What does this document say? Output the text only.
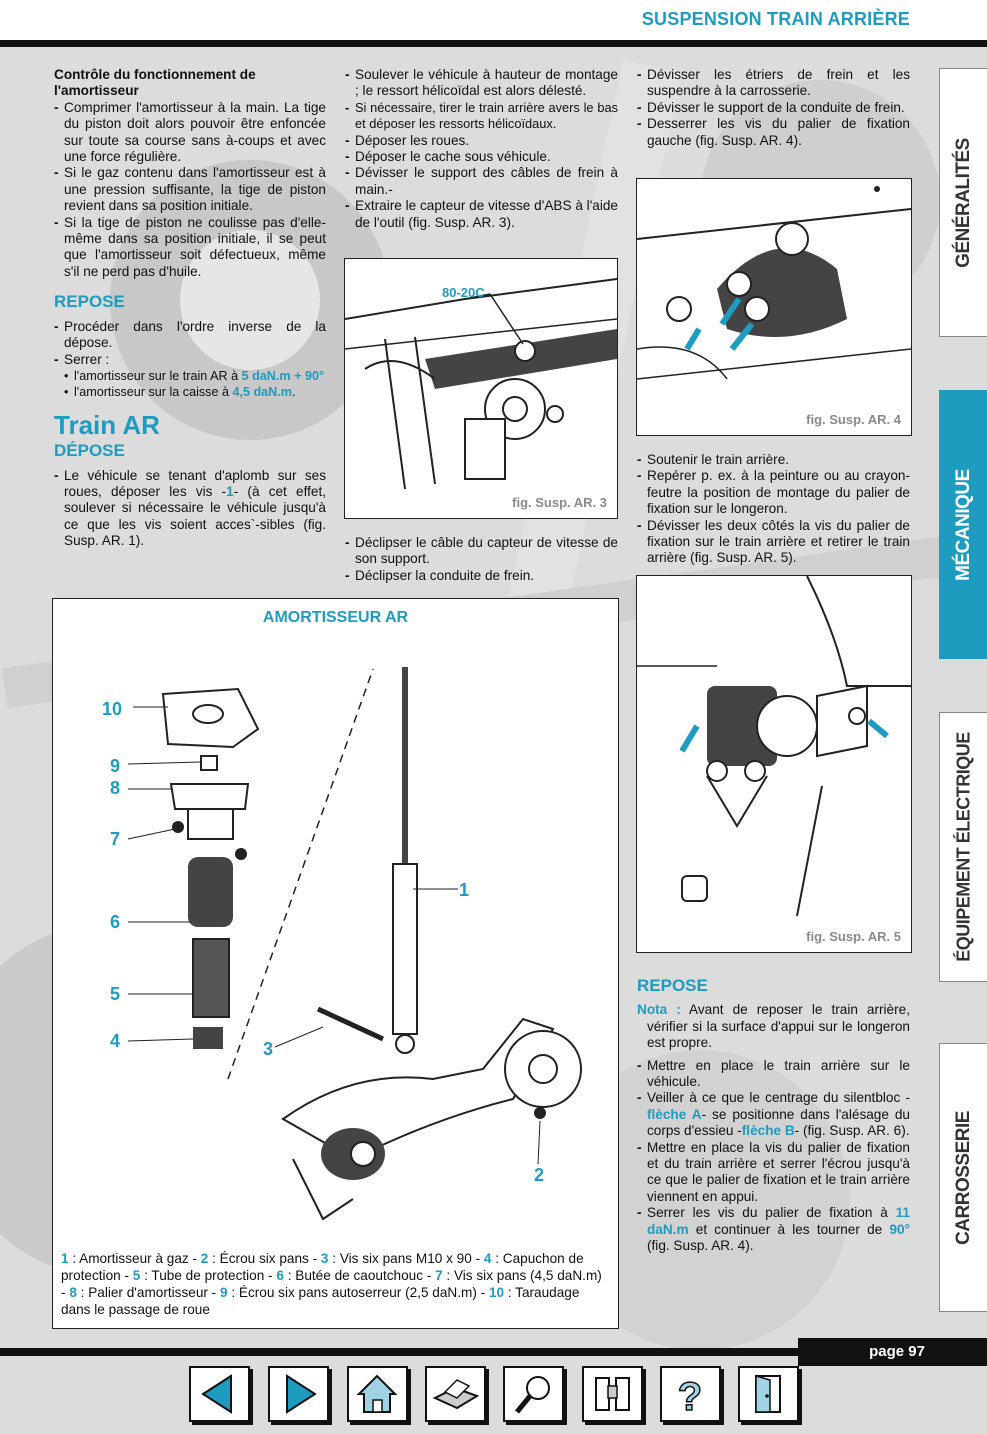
SUSPENSION TRAIN ARRIÈRE

Contrôle du fonctionnement de l'amortisseur

- Comprimer l'amortisseur à la main. La tige du piston doit alors pouvoir être enfoncée sur toute sa course sans à-coups et avec une force régulière.

- Si le gaz contenu dans l'amortisseur est à une pression suffisante, la tige de piston revient dans sa position initiale.

- Si la tige de piston ne coulisse pas d'elle-même dans sa position initiale, il se peut que l'amortisseur soit défectueux, même s'il ne perd pas d'huile.

REPOSE

- Procéder dans l'ordre inverse de la dépose.

- Serrer :

• l'amortisseur sur le train AR à 5 daN.m + 90°

• l'amortisseur sur la caisse à 4,5 daN.m.

Train AR
DÉPOSE

- Le véhicule se tenant d'aplomb sur ses roues, déposer les vis -1- (à cet effet, soulever si nécessaire le véhicule jusqu'à ce que les vis soient acces`-sibles (fig. Susp. AR. 1).

- Soulever le véhicule à hauteur de montage ; le ressort hélicoïdal est alors délesté.

- Si nécessaire, tirer le train arrière avers le bas et déposer les ressorts hélicoïdaux.

- Déposer les roues.

- Déposer le cache sous véhicule.

- Dévisser le support des câbles de frein à main.-

- Extraire le capteur de vitesse d'ABS à l'aide de l'outil (fig. Susp. AR. 3).

80-20C
fig. Susp. AR. 3

- Déclipser le câble du capteur de vitesse de son support.

- Déclipser la conduite de frein.

- Dévisser les étriers de frein et les suspendre à la carrosserie.

- Dévisser le support de la conduite de frein.

- Desserrer les vis du palier de fixation gauche (fig. Susp. AR. 4).

fig. Susp. AR. 4

- Soutenir le train arrière.

- Repérer p. ex. à la peinture ou au crayon-feutre la position de montage du palier de fixation sur le longeron.

- Dévisser les deux côtés la vis du palier de fixation sur le train arrière et retirer le train arrière (fig. Susp. AR. 5).

fig. Susp. AR. 5
REPOSE

Nota : Avant de reposer le train arrière, vérifier si la surface d'appui sur le longeron est propre.

- Mettre en place le train arrière sur le véhicule.

- Veiller à ce que le centrage du silentbloc -flèche A- se positionne dans l'alésage du corps d'essieu -flèche B- (fig. Susp. AR. 6).

- Mettre en place la vis du palier de fixation et du train arrière et serrer l'écrou jusqu'à ce que le palier de fixation et le train arrière viennent en appui.

- Serrer les vis du palier de fixation à 11 daN.m et continuer à les tourner de 90° (fig. Susp. AR. 4).

AMORTISSEUR AR
10
9
8
7
6
5
4	3
2
1
1 : Amortisseur à gaz - 2 : Écrou six pans - 3 : Vis six pans M10 x 90 - 4 : Capuchon de protection - 5 : Tube de protection - 6 : Butée de caoutchouc - 7 : Vis six pans (4,5 daN.m) - 8 : Palier d'amortisseur - 9 : Écrou six pans autoserreur (2,5 daN.m) - 10 : Taraudage dans le passage de roue
GÉNÉRALITÉS
MÉCANIQUE
ÉQUIPEMENT ÉLECTRIQUE
CARROSSERIE
page 97
?
